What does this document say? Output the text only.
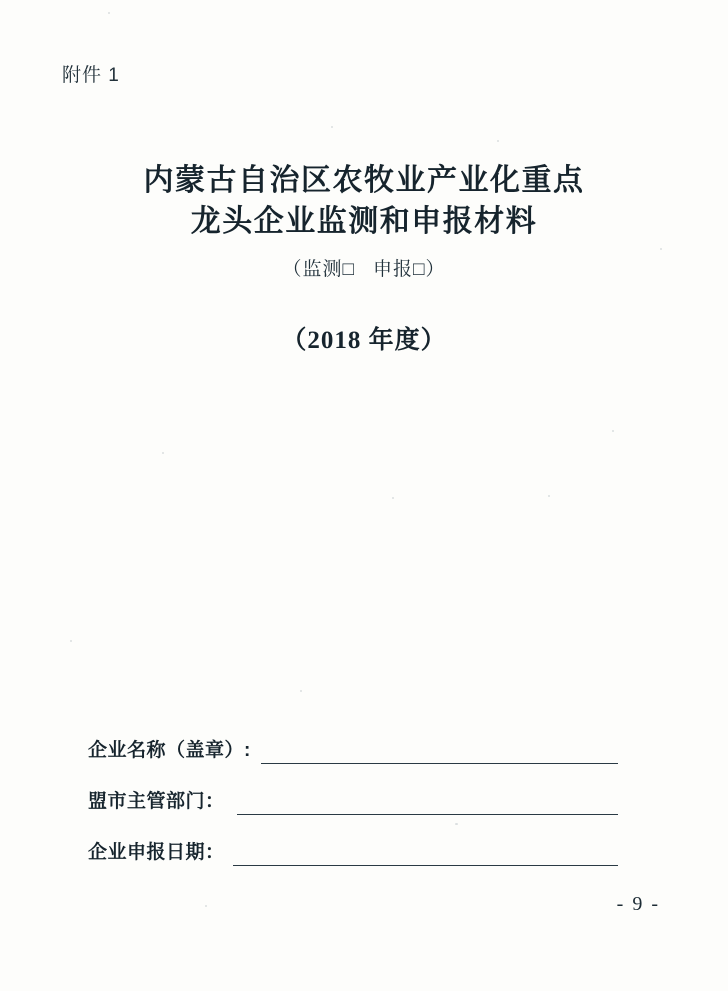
附件 1
内蒙古自治区农牧业产业化重点
龙头企业监测和申报材料
（监测□ 申报□）
（2018 年度）
企业名称（盖章）:
盟市主管部门：
企业申报日期：
- 9 -
